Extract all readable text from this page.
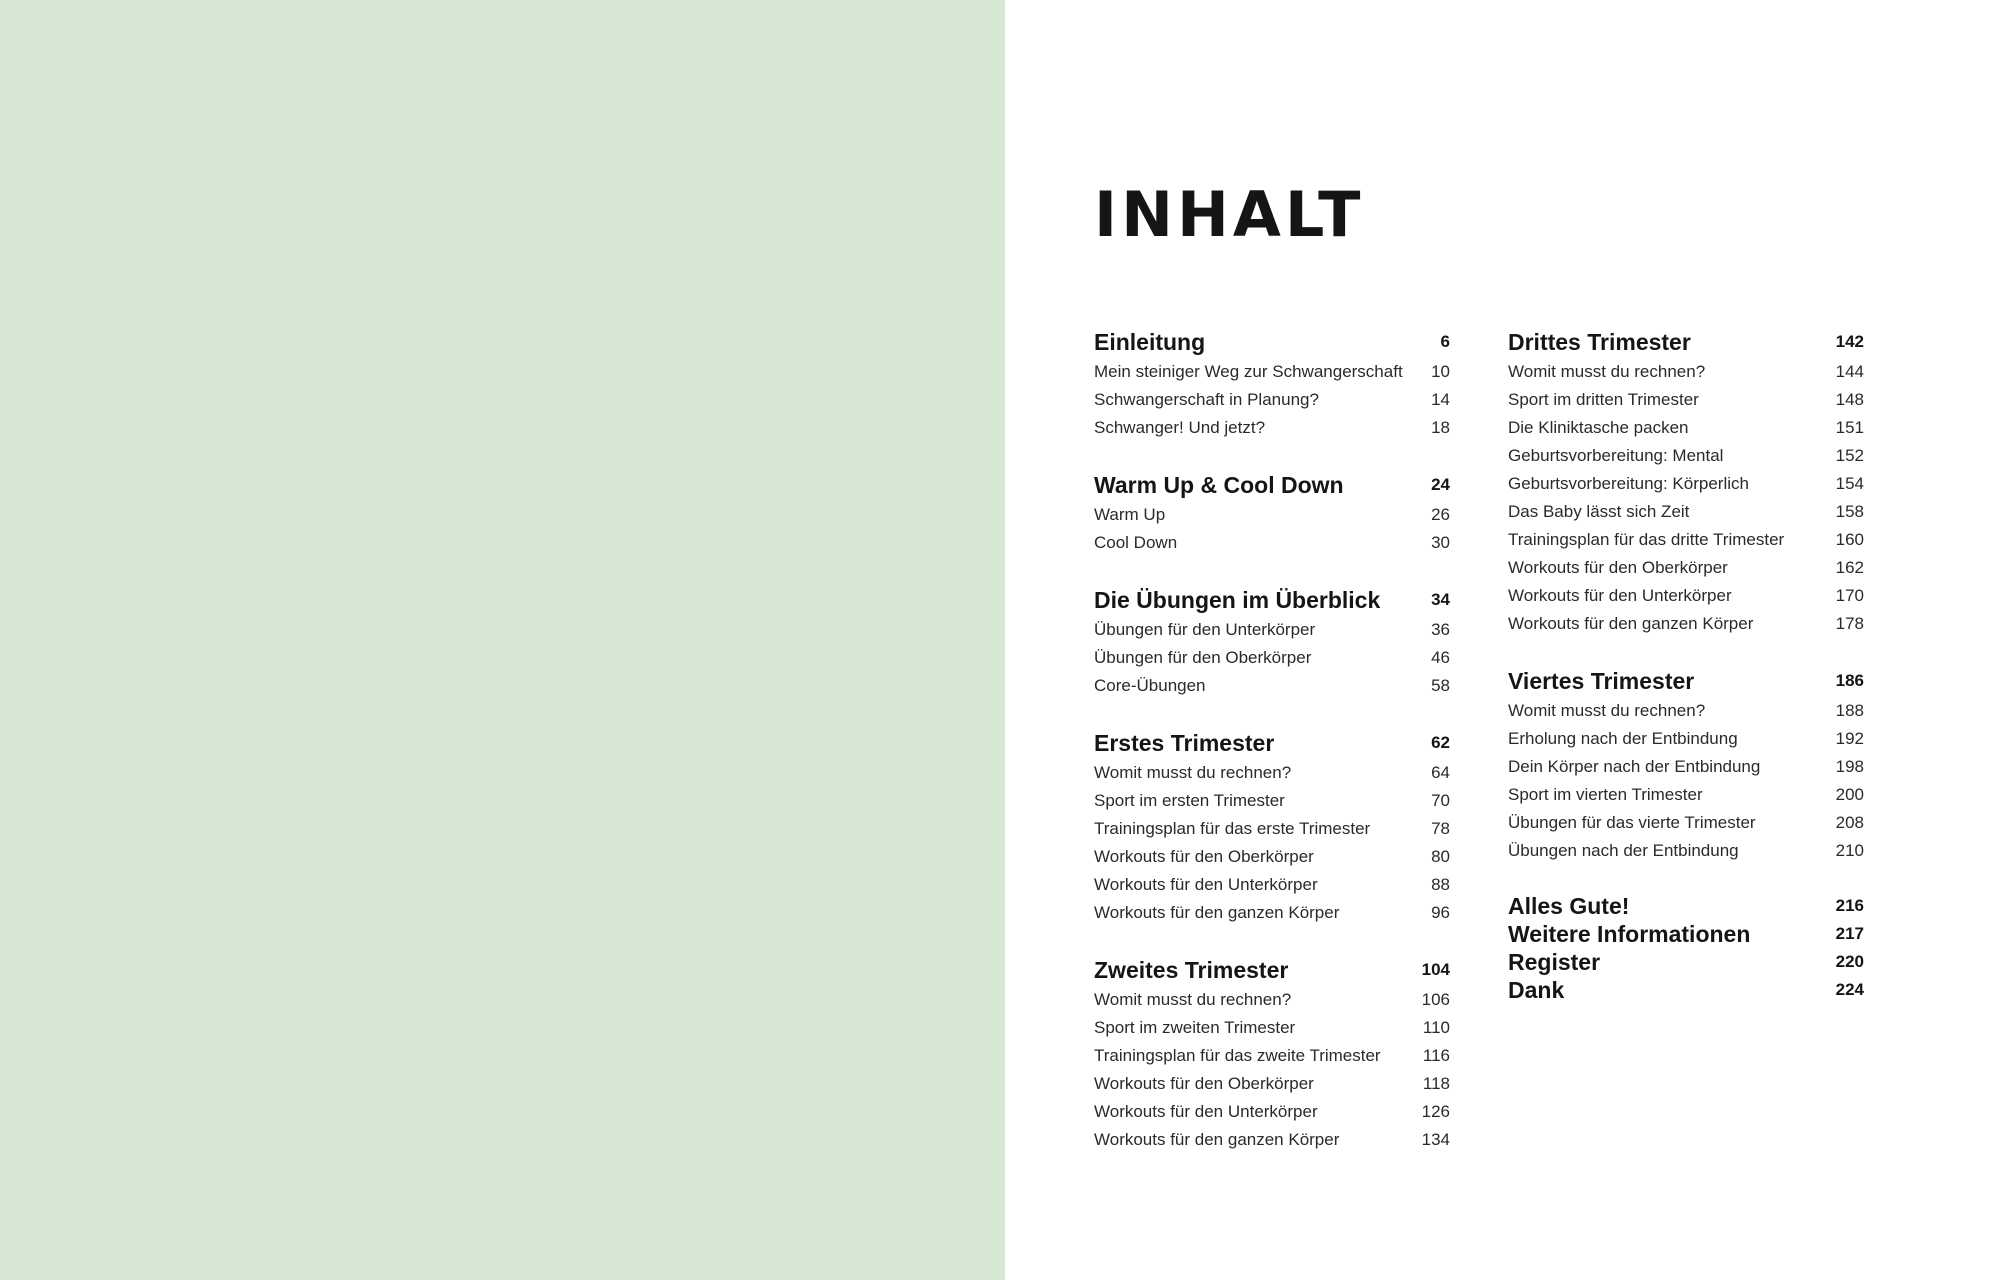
INHALT
Einleitung	6
Mein steiniger Weg zur Schwangerschaft 10
Schwangerschaft in Planung?	14
Schwanger! Und jetzt?	18
Warm Up & Cool Down	24
Warm Up	26
Cool Down	30
Die Übungen im Überblick	34
Übungen für den Unterkörper	36
Übungen für den Oberkörper	46
Core-Übungen	58
Erstes Trimester	62
Womit musst du rechnen?	64
Sport im ersten Trimester	70
Trainingsplan für das erste Trimester	78
Workouts für den Oberkörper	80
Workouts für den Unterkörper	88
Workouts für den ganzen Körper	96
Zweites Trimester	104
Womit musst du rechnen?	106
Sport im zweiten Trimester	110
Trainingsplan für das zweite Trimester 116
Workouts für den Oberkörper	118
Workouts für den Unterkörper	126
Workouts für den ganzen Körper	134
Drittes Trimester	142
Womit musst du rechnen?	144
Sport im dritten Trimester	148
Die Kliniktasche packen	151
Geburtsvorbereitung: Mental	152
Geburtsvorbereitung: Körperlich	154
Das Baby lässt sich Zeit	158
Trainingsplan für das dritte Trimester	160
Workouts für den Oberkörper	162
Workouts für den Unterkörper	170
Workouts für den ganzen Körper	178
Viertes Trimester	186
Womit musst du rechnen?	188
Erholung nach der Entbindung	192
Dein Körper nach der Entbindung	198
Sport im vierten Trimester	200
Übungen für das vierte Trimester	208
Übungen nach der Entbindung	210
Alles Gute!	216
Weitere Informationen	217
Register	220
Dank	224
